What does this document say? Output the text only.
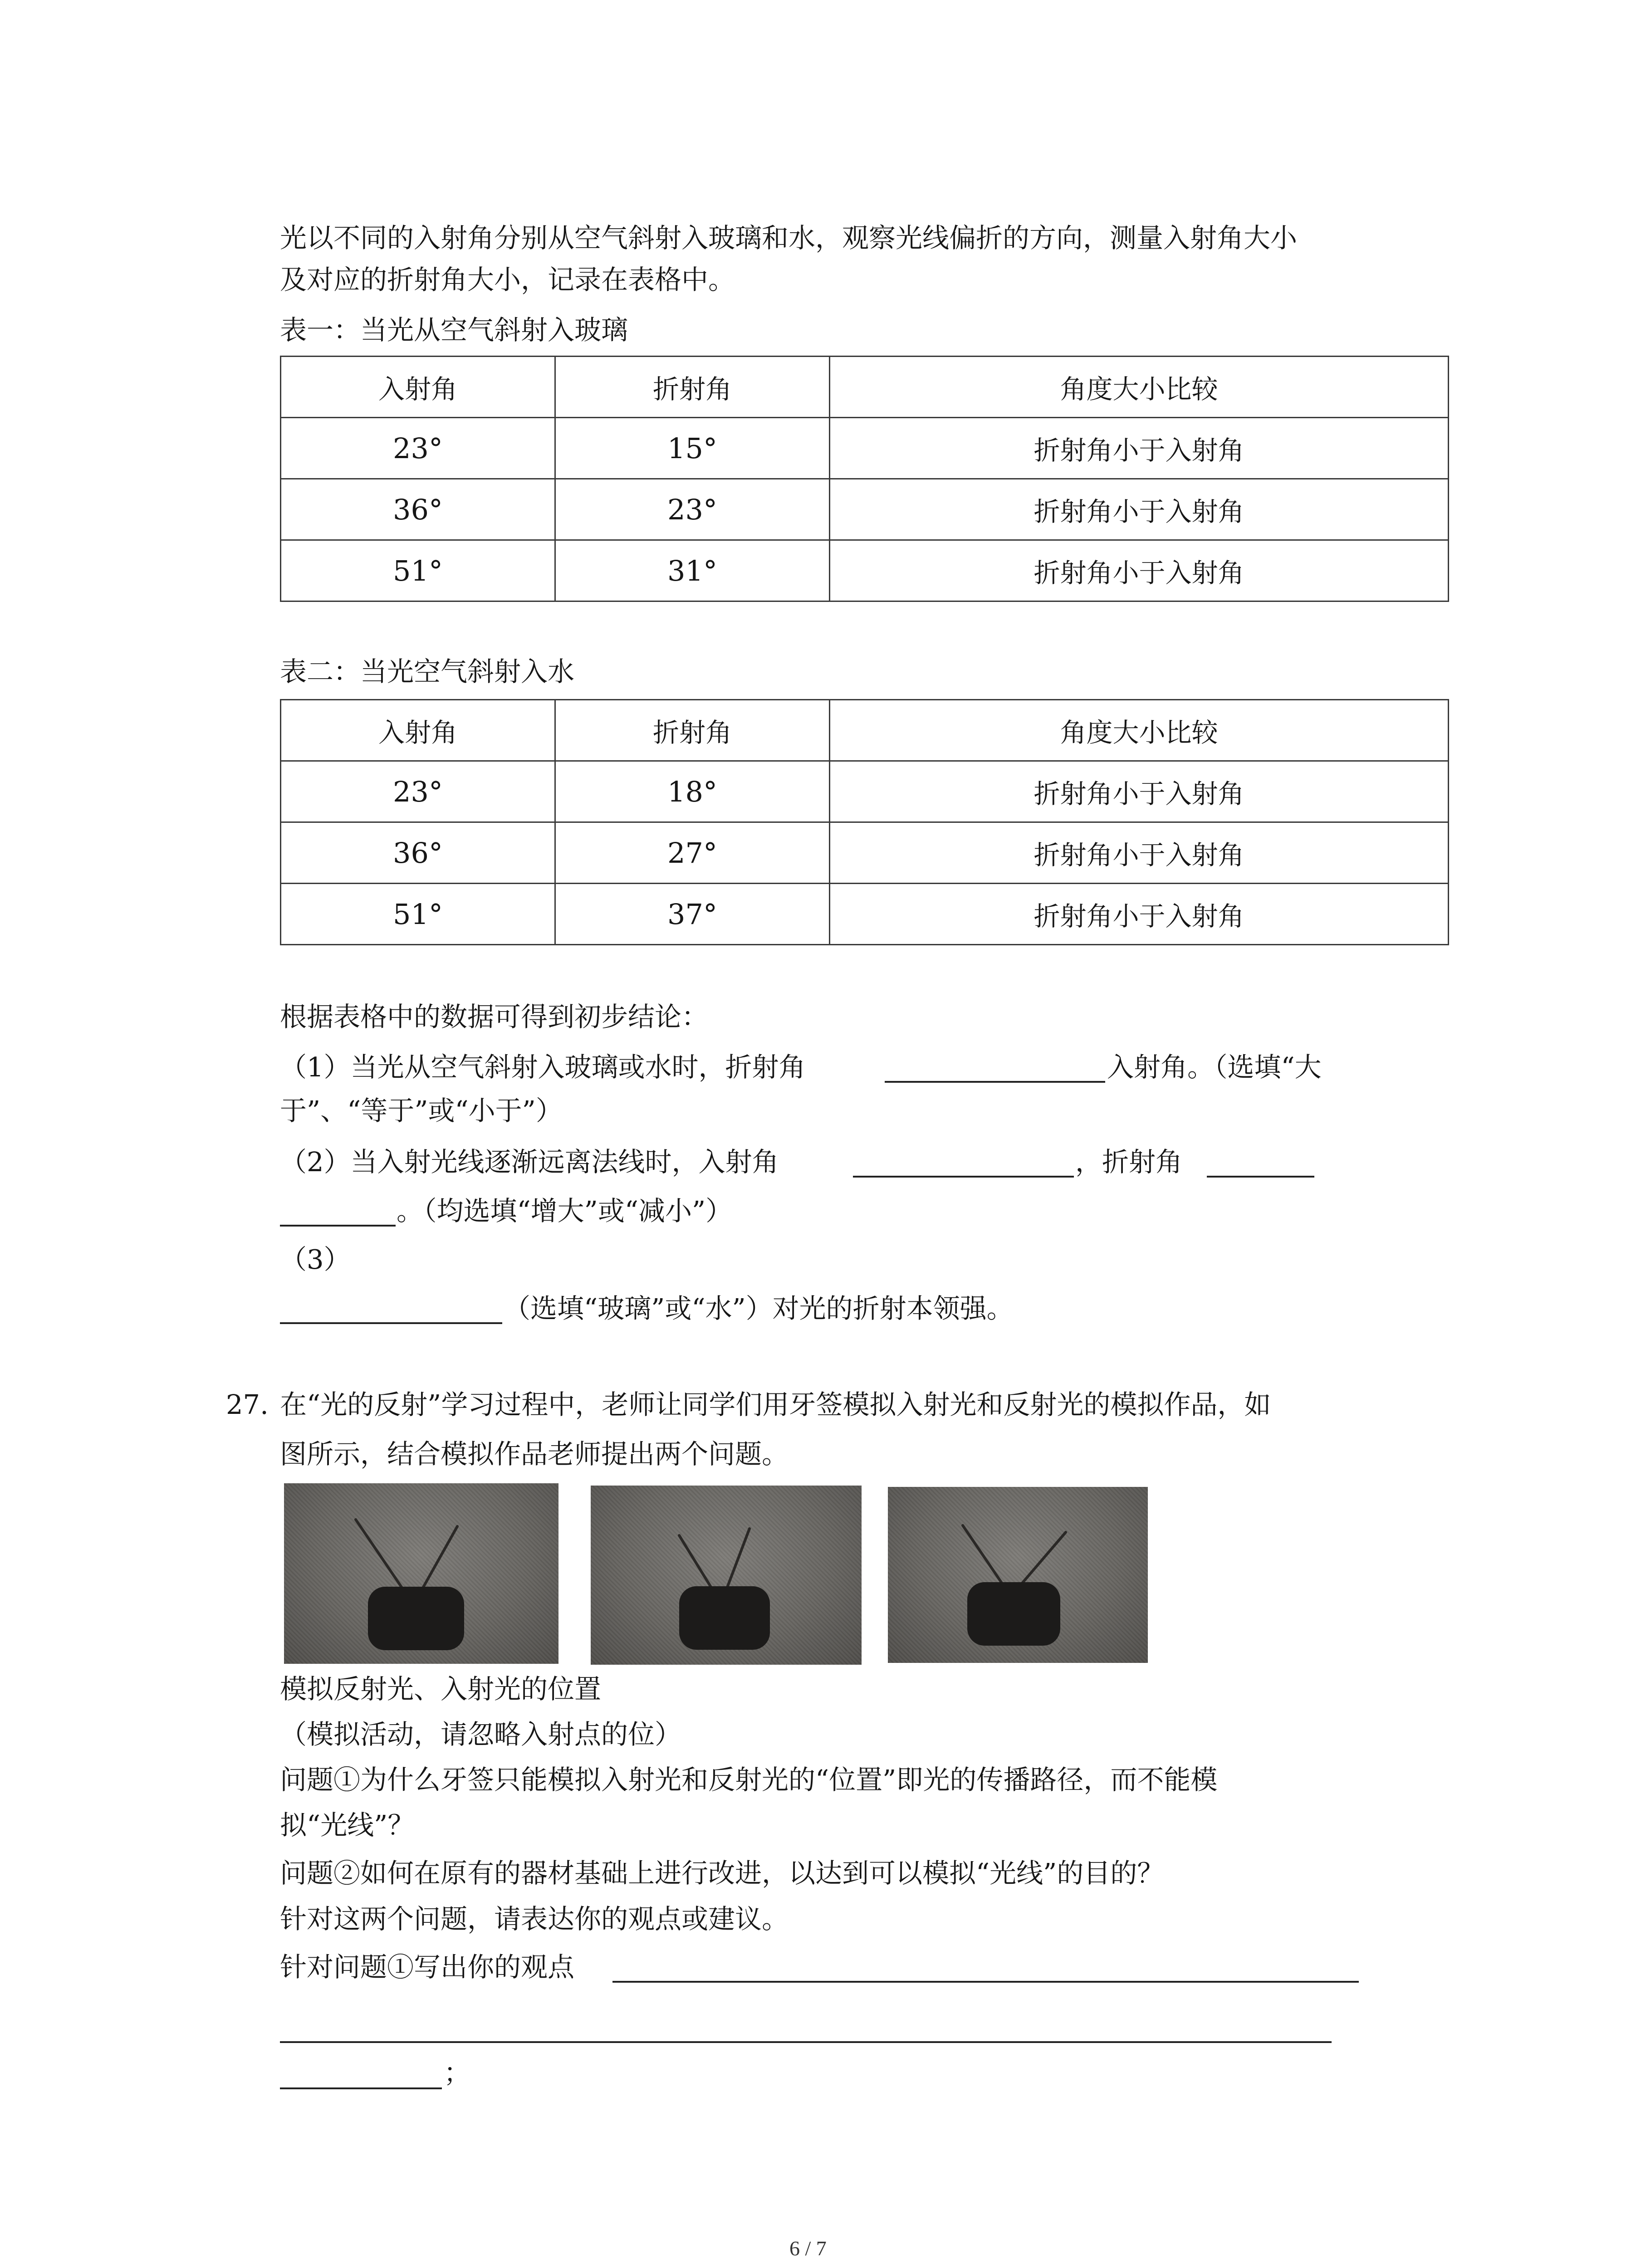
光以不同的入射角分别从空气斜射入玻璃和水，观察光线偏折的方向，测量入射角大小

及对应的折射角大小，记录在表格中。

表一：当光从空气斜射入玻璃

入射角	折射角	角度大小比较
23°	15°	折射角小于入射角
36°	23°	折射角小于入射角
51°	31°	折射角小于入射角

表二：当光空气斜射入水

入射角	折射角	角度大小比较
23°	18°	折射角小于入射角
36°	27°	折射角小于入射角
51°	37°	折射角小于入射角

根据表格中的数据可得到初步结论：

（1）当光从空气斜射入玻璃或水时，折射角	入射角。（选填“大

于”、“等于”或“小于”）

（2）当入射光线逐渐远离法线时，入射角	，折射角

。（均选填“增大”或“减小”）

（3）

（选填“玻璃”或“水”）对光的折射本领强。

27. 在“光的反射”学习过程中，老师让同学们用牙签模拟入射光和反射光的模拟作品，如

图所示，结合模拟作品老师提出两个问题。

模拟反射光、入射光的位置

（模拟活动，请忽略入射点的位）

问题①为什么牙签只能模拟入射光和反射光的“位置”即光的传播路径，而不能模

拟“光线”？

问题②如何在原有的器材基础上进行改进，以达到可以模拟“光线”的目的？

针对这两个问题，请表达你的观点或建议。

针对问题①写出你的观点

；

6 / 7
